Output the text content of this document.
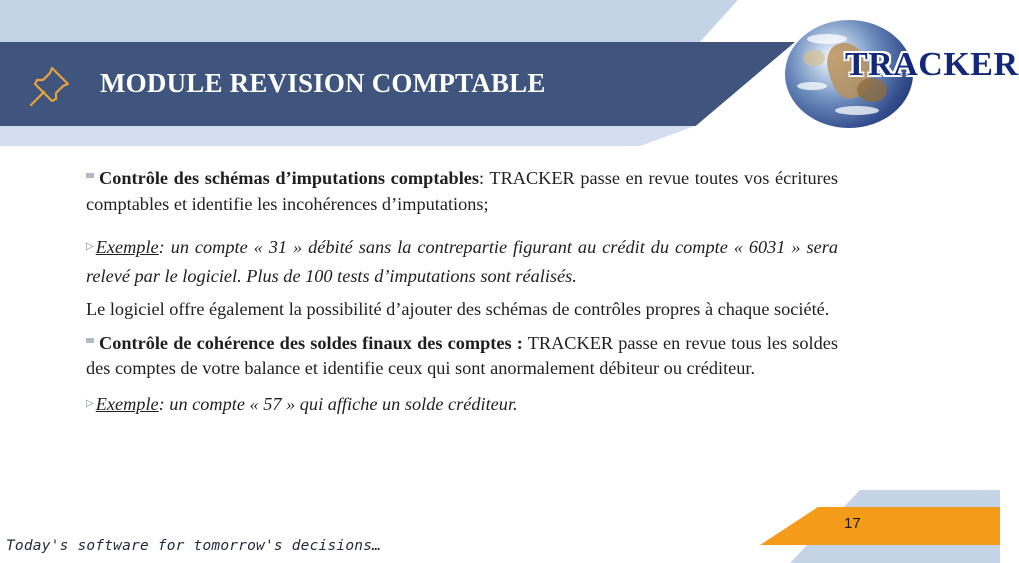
MODULE REVISION COMPTABLE	TRACKER

Contrôle des schémas d’imputations comptables: TRACKER passe en revue toutes vos écritures comptables et identifie les incohérences d’imputations;

▷ Exemple: un compte « 31 » débité sans la contrepartie figurant au crédit du compte « 6031 » sera relevé par le logiciel. Plus de 100 tests d’imputations sont réalisés.

Le logiciel offre également la possibilité d’ajouter des schémas de contrôles propres à chaque société.

Contrôle de cohérence des soldes finaux des comptes : TRACKER passe en revue tous les soldes des comptes de votre balance et identifie ceux qui sont anormalement débiteur ou créditeur.

▷ Exemple: un compte « 57 » qui affiche un solde créditeur.

17
Today's software for tomorrow's decisions…
